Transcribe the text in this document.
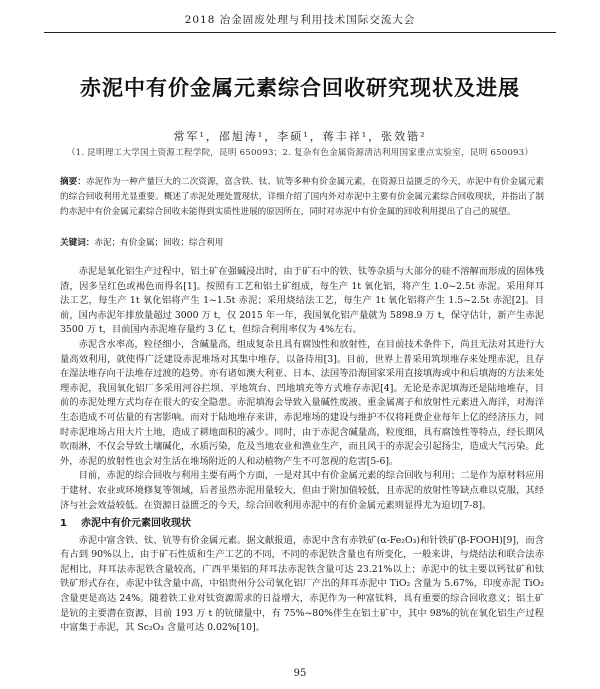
2018 冶金固废处理与利用技术国际交流大会
赤泥中有价金属元素综合回收研究现状及进展
常军¹，邵旭涛¹，李硕¹，蒋丰祥¹，张效锴²
（1. 昆明理工大学国土资源工程学院，昆明 650093；2. 复杂有色金属资源清洁利用国家重点实验室，昆明 650093）
摘要：赤泥作为一种产量巨大的二次资源，富含铁、钛、钪等多种有价金属元素，在资源日益匮乏的今天，赤泥中有价金属元素的综合回收利用尤显重要。概述了赤泥处理处置现状，详细介绍了国内外对赤泥中主要有价金属元素综合回收现状，并指出了制约赤泥中有价金属元素综合回收未能得到实质性进展的原因所在，同时对赤泥中有价金属的回收利用提出了自己的展望。
关键词：赤泥；有价金属；回收；综合利用

赤泥是氧化铝生产过程中，铝土矿在强碱浸出时，由于矿石中的铁、钛等杂质与大部分的硅不溶解而形成的固体残渣，因多呈红色或褐色而得名[1]。按照有工艺和铝土矿组成，每生产 1t 氧化铝，将产生 1.0~2.5t 赤泥。采用拜耳法工艺，每生产 1t 氧化铝将产生 1~1.5t 赤泥；采用烧结法工艺，每生产 1t 氧化铝将产生 1.5~2.5t 赤泥[2]。目前，国内赤泥年排放量超过 3000 万 t，仅 2015 年一年，我国氧化铝产量就为 5898.9 万 t，保守估计，新产生赤泥 3500 万 t，目前国内赤泥堆存量约 3 亿 t，但综合利用率仅为 4%左右。

赤泥含水率高，粒径细小，含碱量高，组成复杂且具有腐蚀性和放射性，在目前技术条件下，尚且无法对其进行大量高效利用，就使得广泛建设赤泥堆场对其集中堆存，以备待用[3]。目前，世界上普采用筑坝堆存来处理赤泥，且存在湿法堆存向干法堆存过渡的趋势。亦有诸如澳大利亚、日本、法国等沿海国家采用直接填海或中和后填海的方法来处理赤泥，我国氧化铝厂多采用河谷拦坝、平地筑台、凹地填充等方式堆存赤泥[4]。无论是赤泥填海还是陆地堆存，目前的赤泥处理方式均存在很大的安全隐患。赤泥填海会导致入量碱性废液、重金属离子和放射性元素进入海洋，对海洋生态造成不可估量的有害影响。而对于陆地堆存来讲，赤泥堆场的建设与维护不仅将耗费企业每年上亿的经济压力，同时赤泥堆场占用大片土地，造成了耕地面积的减少。同时，由于赤泥含碱量高，粒度细，具有腐蚀性等特点，经长期风吹雨淋，不仅会导致土壤碱化，水质污染，危及当地农业和渔业生产，而且风干的赤泥会引起扬尘，造成大气污染。此外，赤泥的放射性也会对生活在堆场附近的人和动植物产生不可忽视的危害[5-6]。

目前，赤泥的综合回收与利用主要有两个方面，一是对其中有价金属元素的综合回收与利用；二是作为原材料应用于建材、农业或环境修复等领域，后者虽然赤泥用量较大，但由于附加值较低，且赤泥的放射性等缺点难以克服，其经济与社会效益较低。在资源日益匮乏的今天，综合回收利用赤泥中的有价金属元素则显得尤为迫切[7-8]。

1 赤泥中有价元素回收现状

赤泥中富含铁、钛、钪等有价金属元素。据文献报道，赤泥中含有赤铁矿(α-Fe₂O₃)和针铁矿(β-FOOH)[9]，而含有占到 90%以上，由于矿石性质和生产工艺的不同，不同的赤泥铁含量也有所变化，一般来讲，与烧结法和联合法赤泥相比，拜耳法赤泥铁含量较高，广西平果铝的拜耳法赤泥铁含量可达 23.21%以上；赤泥中的钛主要以钙钛矿和钛铁矿形式存在，赤泥中钛含量中高，中铝贵州分公司氧化铝厂产出的拜耳赤泥中 TiO₂ 含量为 5.67%，印度赤泥 TiO₂ 含量更是高达 24%。随着铁工业对钛资源需求的日益增大，赤泥作为一种富钛料，具有重要的综合回收意义；铝土矿是钪的主要潜在资源，目前 193 万 t 的钪储量中，有 75%~80%伴生在铝土矿中，其中 98%的钪在氧化铝生产过程中富集于赤泥，其 Sc₂O₃ 含量可达 0.02%[10]。

95
